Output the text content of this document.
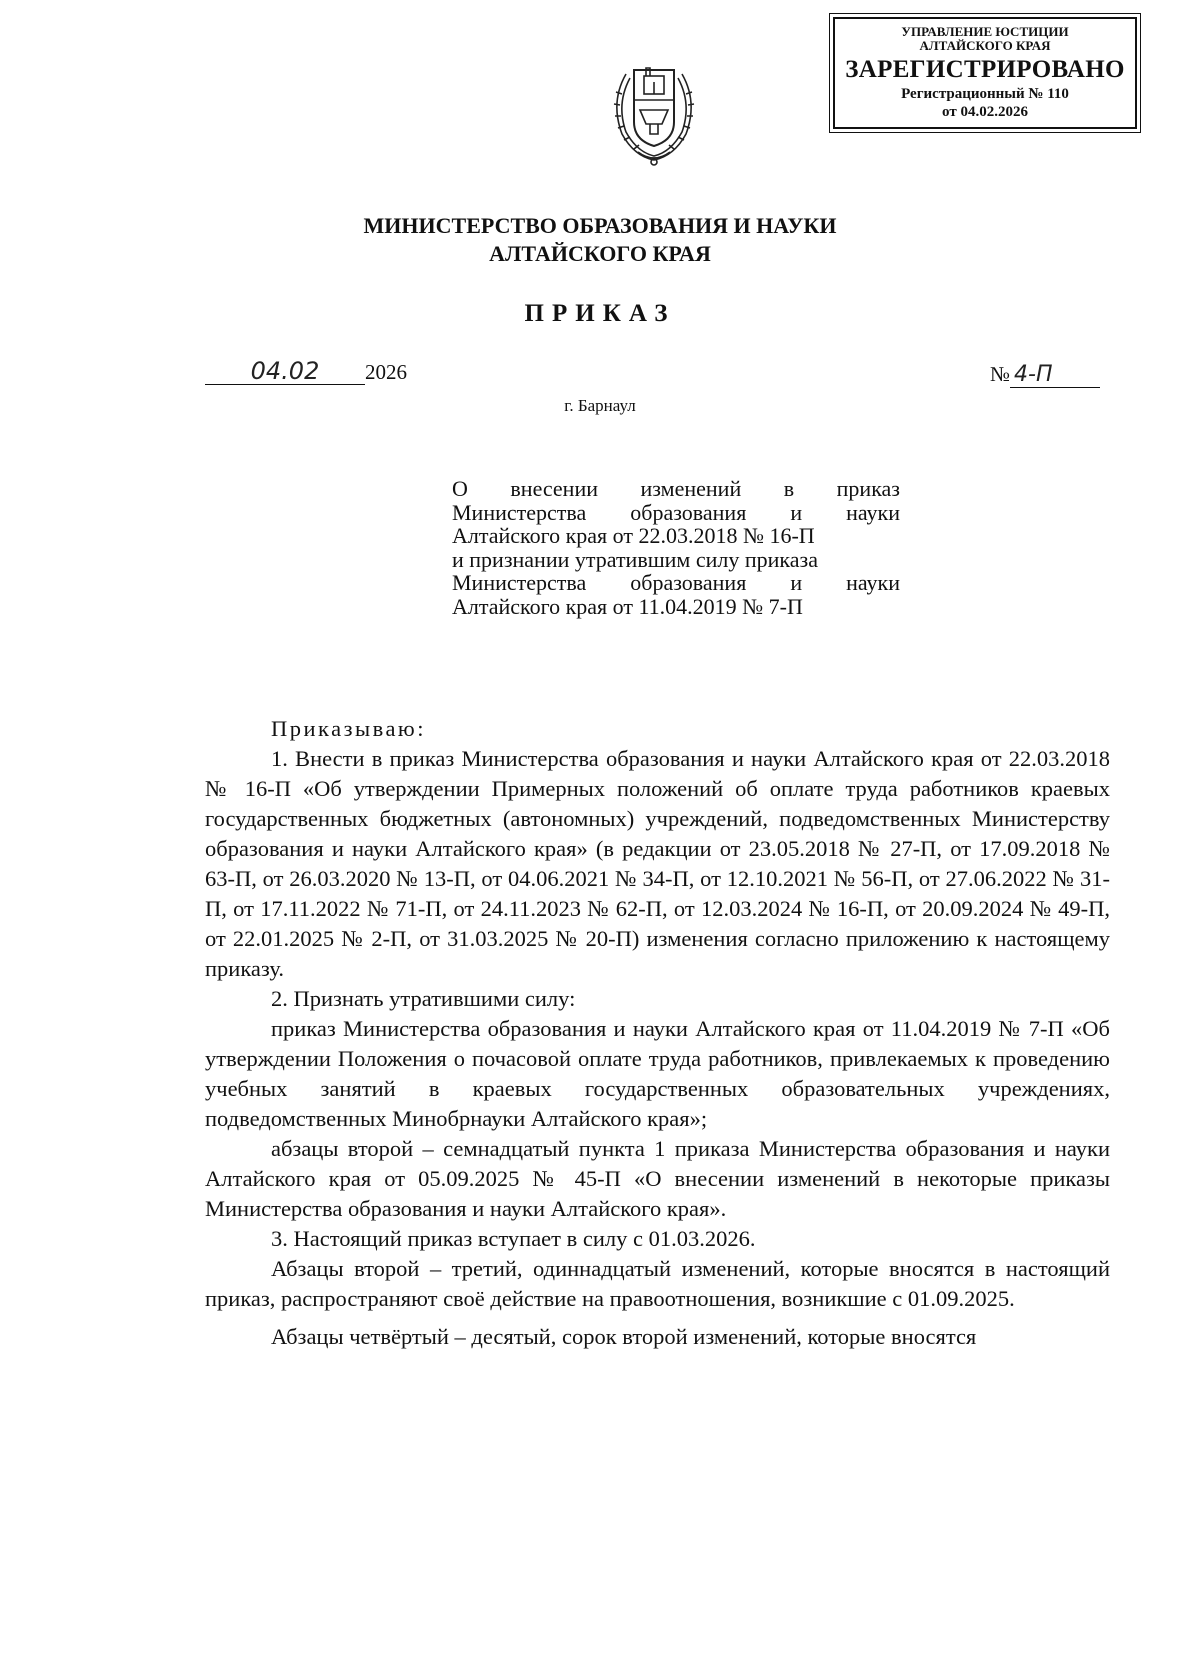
УПРАВЛЕНИЕ ЮСТИЦИИ
АЛТАЙСКОГО КРАЯ
ЗАРЕГИСТРИРОВАНО
Регистрационный № 110
от 04.02.2026
МИНИСТЕРСТВО ОБРАЗОВАНИЯ И НАУКИ
АЛТАЙСКОГО КРАЯ
ПРИКАЗ
04.02 2026	№ 4-П
г. Барнаул

О внесении изменений в приказ

Министерства образования и науки

Алтайского края от 22.03.2018 № 16-П

и признании утратившим силу приказа

Министерства образования и науки

Алтайского края от 11.04.2019 № 7-П

Приказываю:

1. Внести в приказ Министерства образования и науки Алтайского края от 22.03.2018 № 16-П «Об утверждении Примерных положений об оплате труда работников краевых государственных бюджетных (автономных) учреждений, подведомственных Министерству образования и науки Алтайского края» (в редакции от 23.05.2018 № 27-П, от 17.09.2018 № 63-П, от 26.03.2020 № 13-П, от 04.06.2021 № 34-П, от 12.10.2021 № 56-П, от 27.06.2022 № 31-П, от 17.11.2022 № 71-П, от 24.11.2023 № 62-П, от 12.03.2024 № 16-П, от 20.09.2024 № 49-П, от 22.01.2025 № 2-П, от 31.03.2025 № 20-П) изменения согласно приложению к настоящему приказу.

2. Признать утратившими силу:

приказ Министерства образования и науки Алтайского края от 11.04.2019 № 7-П «Об утверждении Положения о почасовой оплате труда работников, привлекаемых к проведению учебных занятий в краевых государственных образовательных учреждениях, подведомственных Минобрнауки Алтайского края»;

абзацы второй – семнадцатый пункта 1 приказа Министерства образования и науки Алтайского края от 05.09.2025 № 45-П «О внесении изменений в некоторые приказы Министерства образования и науки Алтайского края».

3. Настоящий приказ вступает в силу с 01.03.2026.

Абзацы второй – третий, одиннадцатый изменений, которые вносятся в настоящий приказ, распространяют своё действие на правоотношения, возникшие с 01.09.2025.

Абзацы четвёртый – десятый, сорок второй изменений, которые вносятся
